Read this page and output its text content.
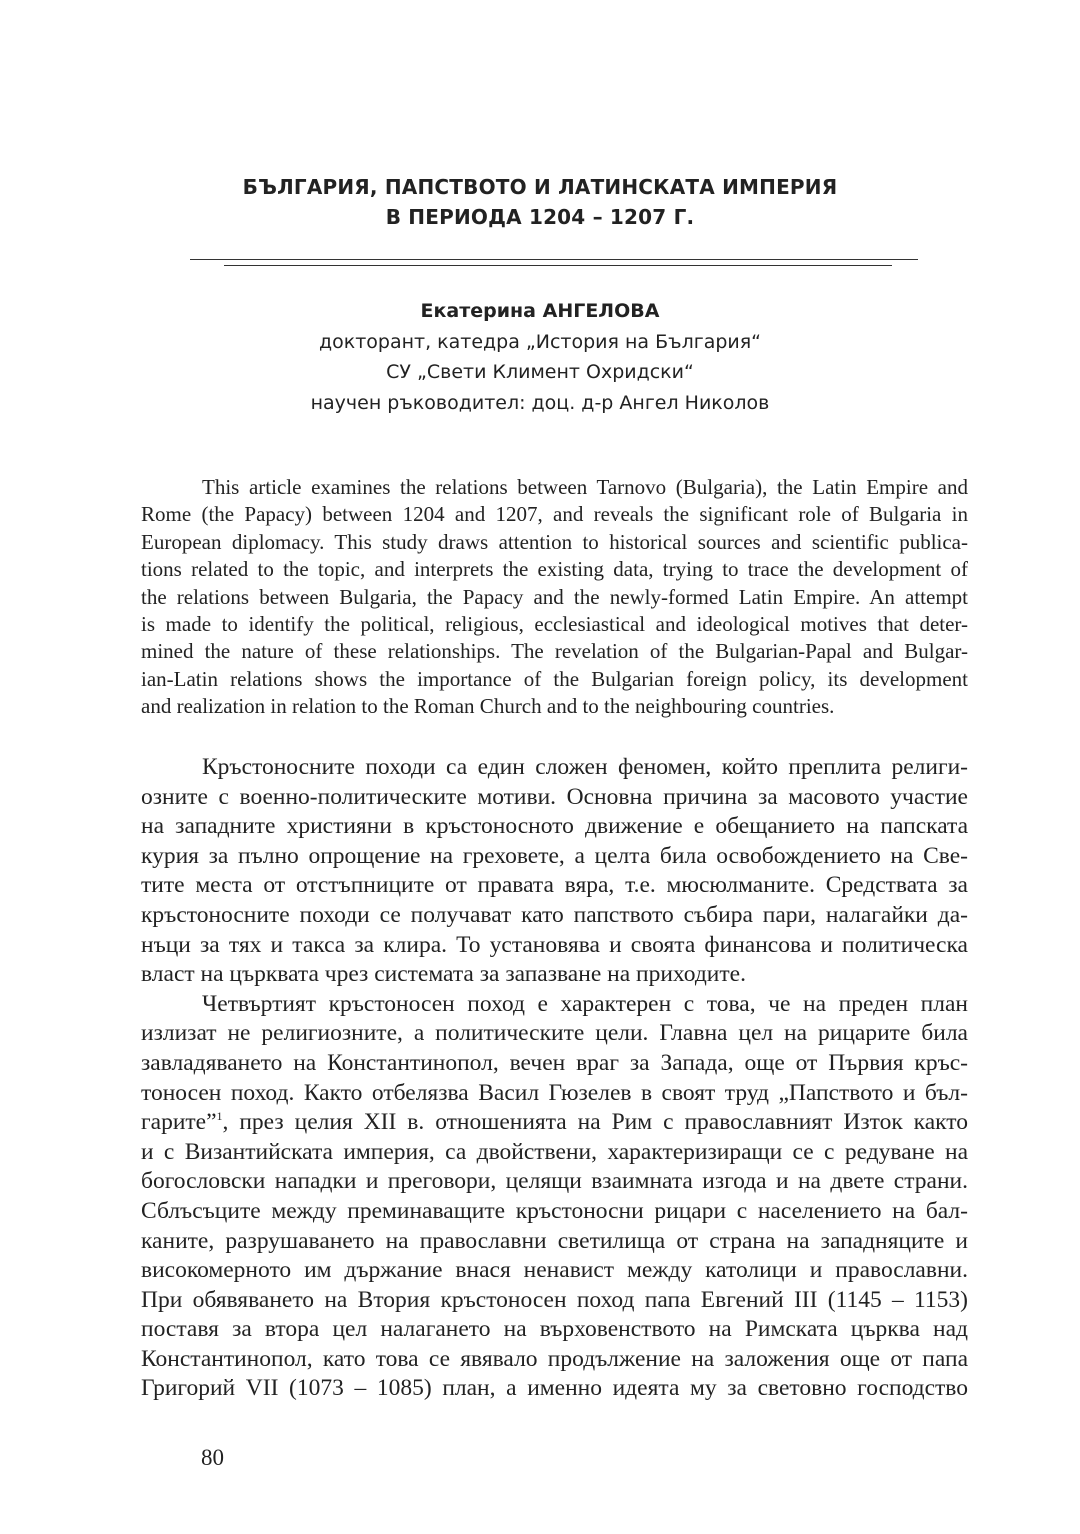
БЪЛГАРИЯ, ПАПСТВОТО И ЛАТИНСКАТА ИМПЕРИЯ
В ПЕРИОДА 1204 – 1207 Г.
Екатерина АНГЕЛОВА
докторант, катедра „История на България“
СУ „Свети Климент Охридски“
научен ръководител: доц. д-р Ангел Николов
This article examines the relations between Tarnovo (Bulgaria), the Latin Empire and
Rome (the Papacy) between 1204 and 1207, and reveals the significant role of Bulgaria in
European diplomacy. This study draws attention to historical sources and scientific publica-
tions related to the topic, and interprets the existing data, trying to trace the development of
the relations between Bulgaria, the Papacy and the newly-formed Latin Empire. An attempt
is made to identify the political, religious, ecclesiastical and ideological motives that deter-
mined the nature of these relationships. The revelation of the Bulgarian-Papal and Bulgar-
ian-Latin relations shows the importance of the Bulgarian foreign policy, its development
and realization in relation to the Roman Church and to the neighbouring countries.
Кръстоносните походи са един сложен феномен, който преплита религи-
озните с военно-политическите мотиви. Основна причина за масовото участие
на западните християни в кръстоносното движение е обещанието на папската
курия за пълно опрощение на греховете, а целта била освобождението на Све-
тите места от отстъпниците от правата вяра, т.е. мюсюлманите. Средствата за
кръстоносните походи се получават като папството събира пари, налагайки да-
нъци за тях и такса за клира. То установява и своята финансова и политическа
власт на църквата чрез системата за запазване на приходите.
Четвъртият кръстоносен поход е характерен с това, че на преден план
излизат не религиозните, а политическите цели. Главна цел на рицарите била
завладяването на Константинопол, вечен враг за Запада, още от Първия кръс-
тоносен поход. Както отбелязва Васил Гюзелев в своят труд „Папството и бъл-
гарите”$^1$, през целия XII в. отношенията на Рим с православният Изток както
и с Византийската империя, са двойствени, характеризиращи се с редуване на
богословски нападки и преговори, целящи взаимната изгода и на двете страни.
Сблъсъците между преминаващите кръстоносни рицари с населението на бал-
каните, разрушаването на православни светилища от страна на западняците и
високомерното им държание внася ненавист между католици и православни.
При обявяването на Втория кръстоносен поход папа Евгений III (1145 – 1153)
поставя за втора цел налагането на върховенството на Римската църква над
Константинопол, като това се явявало продължение на заложения още от папа
Григорий VII (1073 – 1085) план, а именно идеята му за световно господство
80
